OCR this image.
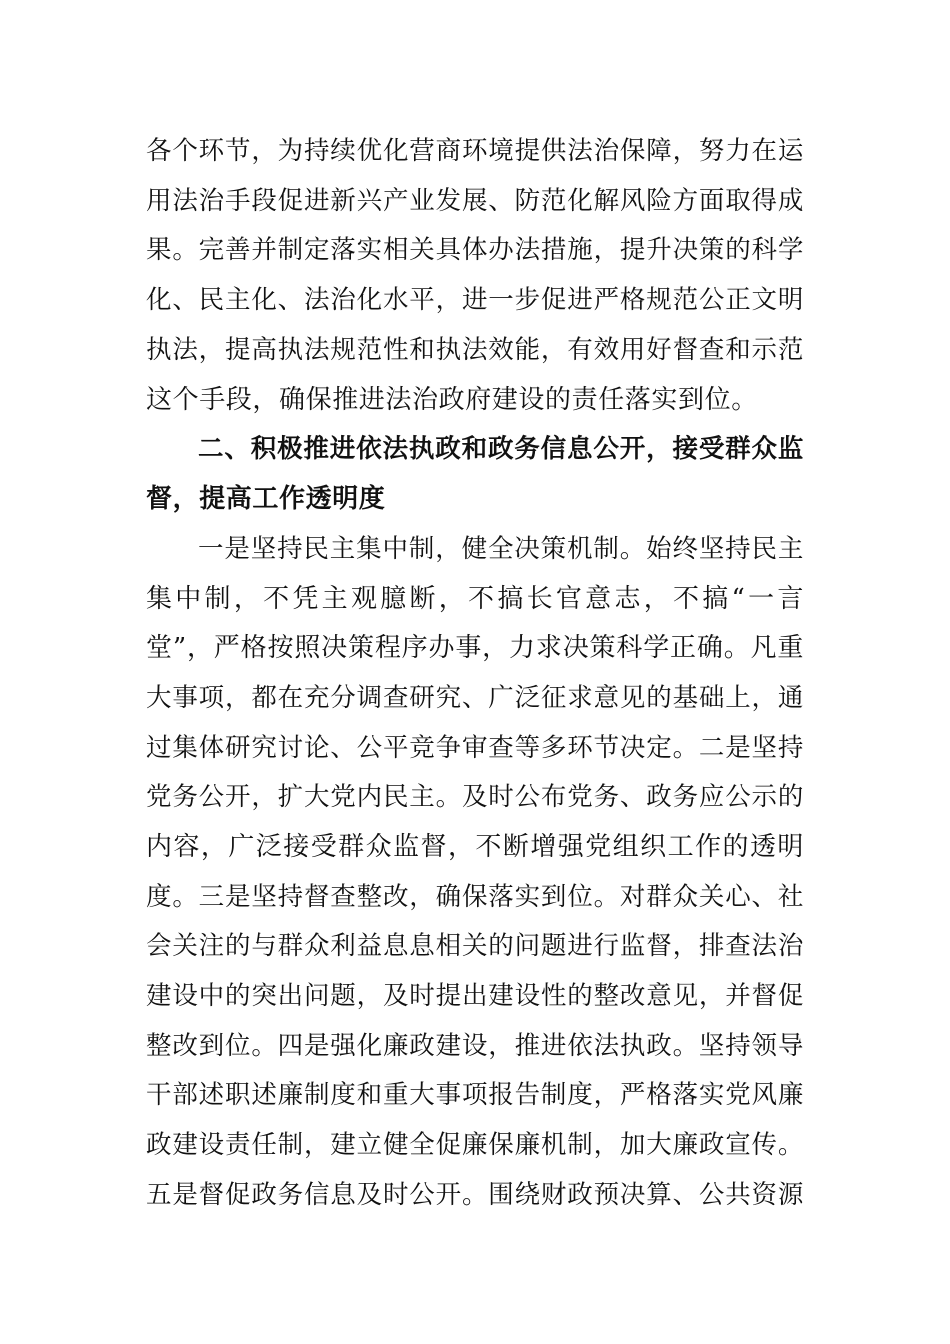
各个环节，为持续优化营商环境提供法治保障，努力在运
用法治手段促进新兴产业发展、防范化解风险方面取得成
果。完善并制定落实相关具体办法措施，提升决策的科学
化、民主化、法治化水平，进一步促进严格规范公正文明
执法，提高执法规范性和执法效能，有效用好督查和示范
这个手段，确保推进法治政府建设的责任落实到位。
二、积极推进依法执政和政务信息公开，接受群众监
督，提高工作透明度
一是坚持民主集中制，健全决策机制。始终坚持民主
集中制，不凭主观臆断，不搞长官意志，不搞“一言
堂”，严格按照决策程序办事，力求决策科学正确。凡重
大事项，都在充分调查研究、广泛征求意见的基础上，通
过集体研究讨论、公平竞争审查等多环节决定。二是坚持
党务公开，扩大党内民主。及时公布党务、政务应公示的
内容，广泛接受群众监督，不断增强党组织工作的透明
度。三是坚持督查整改，确保落实到位。对群众关心、社
会关注的与群众利益息息相关的问题进行监督，排查法治
建设中的突出问题，及时提出建设性的整改意见，并督促
整改到位。四是强化廉政建设，推进依法执政。坚持领导
干部述职述廉制度和重大事项报告制度，严格落实党风廉
政建设责任制，建立健全促廉保廉机制，加大廉政宣传。
五是督促政务信息及时公开。围绕财政预决算、公共资源
